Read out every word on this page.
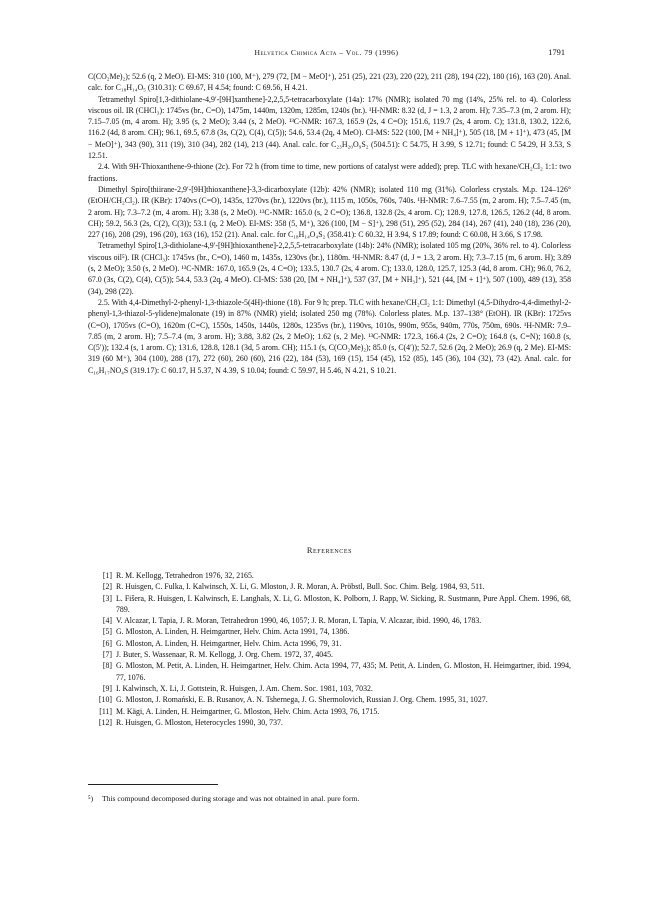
Helvetica Chimica Acta – Vol. 79 (1996)	1791

C(CO₂Me)₂); 52.6 (q, 2 MeO). EI-MS: 310 (100, M⁺), 279 (72, [M − MeO]⁺), 251 (25), 221 (23), 220 (22), 211 (28), 194 (22), 180 (16), 163 (20). Anal. calc. for C₁₈H₁₄O₅ (310.31): C 69.67, H 4.54; found: C 69.56, H 4.21.

Tetramethyl Spiro[1,3-dithiolane-4,9′-[9H]xanthene]-2,2,5,5-tetracarboxylate (14a): 17% (NMR); isolated 70 mg (14%, 25% rel. to 4). Colorless viscous oil. IR (CHCl₃): 1745vs (br., C=O), 1475m, 1440m, 1320m, 1285m, 1240s (br.). ¹H-NMR: 8.32 (d, J = 1.3, 2 arom. H); 7.35–7.3 (m, 2 arom. H); 7.15–7.05 (m, 4 arom. H); 3.95 (s, 2 MeO); 3.44 (s, 2 MeO). ¹³C-NMR: 167.3, 165.9 (2s, 4 C=O); 151.6, 119.7 (2s, 4 arom. C); 131.8, 130.2, 122.6, 116.2 (4d, 8 arom. CH); 96.1, 69.5, 67.8 (3s, C(2), C(4), C(5)); 54.6, 53.4 (2q, 4 MeO). CI-MS: 522 (100, [M + NH₄]⁺), 505 (18, [M + 1]⁺), 473 (45, [M − MeO]⁺), 343 (90), 311 (19), 310 (34), 282 (14), 213 (44). Anal. calc. for C₂₃H₂₀O₉S₂ (504.51): C 54.75, H 3.99, S 12.71; found: C 54.29, H 3.53, S 12.51.

2.4. With 9H-Thioxanthene-9-thione (2c). For 72 h (from time to time, new portions of catalyst were added); prep. TLC with hexane/CH₂Cl₂ 1:1: two fractions.

Dimethyl Spiro[thiirane-2,9′-[9H]thioxanthene]-3,3-dicarboxylate (12b): 42% (NMR); isolated 110 mg (31%). Colorless crystals. M.p. 124–126° (EtOH/CH₂Cl₂). IR (KBr): 1740vs (C=O), 1435s, 1270vs (br.), 1220vs (br.), 1115 m, 1050s, 760s, 740s. ¹H-NMR: 7.6–7.55 (m, 2 arom. H); 7.5–7.45 (m, 2 arom. H); 7.3–7.2 (m, 4 arom. H); 3.38 (s, 2 MeO). ¹³C-NMR: 165.0 (s, 2 C=O); 136.8, 132.8 (2s, 4 arom. C); 128.9, 127.8, 126.5, 126.2 (4d, 8 arom. CH); 59.2, 56.3 (2s, C(2), C(3)); 53.1 (q, 2 MeO). EI-MS: 358 (5, M⁺), 326 (100, [M − S]⁺), 298 (51), 295 (52), 284 (14), 267 (41), 240 (18), 236 (20), 227 (16), 208 (29), 196 (20), 163 (16), 152 (21). Anal. calc. for C₁₈H₁₄O₄S₂ (358.41): C 60.32, H 3.94, S 17.89; found: C 60.08, H 3.66, S 17.98.

Tetramethyl Spiro[1,3-dithiolane-4,9′-[9H]thioxanthene]-2,2,5,5-tetracarboxylate (14b): 24% (NMR); isolated 105 mg (20%, 36% rel. to 4). Colorless viscous oil⁵). IR (CHCl₃): 1745vs (br., C=O), 1460 m, 1435s, 1230vs (br.), 1180m. ¹H-NMR: 8.47 (d, J = 1.3, 2 arom. H); 7.3–7.15 (m, 6 arom. H); 3.89 (s, 2 MeO); 3.50 (s, 2 MeO). ¹³C-NMR: 167.0, 165.9 (2s, 4 C=O); 133.5, 130.7 (2s, 4 arom. C); 133.0, 128.0, 125.7, 125.3 (4d, 8 arom. CH); 96.0, 76.2, 67.0 (3s, C(2), C(4), C(5)); 54.4, 53.3 (2q, 4 MeO). CI-MS: 538 (20, [M + NH₄]⁺), 537 (37, [M + NH₃]⁺), 521 (44, [M + 1]⁺), 507 (100), 489 (13), 358 (34), 298 (22).

2.5. With 4,4-Dimethyl-2-phenyl-1,3-thiazole-5(4H)-thione (18). For 9 h; prep. TLC with hexane/CH₂Cl₂ 1:1: Dimethyl (4,5-Dihydro-4,4-dimethyl-2-phenyl-1,3-thiazol-5-ylidene)malonate (19) in 87% (NMR) yield; isolated 250 mg (78%). Colorless plates. M.p. 137–138° (EtOH). IR (KBr): 1725vs (C=O), 1705vs (C=O), 1620m (C=C), 1550s, 1450s, 1440s, 1280s, 1235vs (br.), 1190vs, 1010s, 990m, 955s, 940m, 770s, 750m, 690s. ¹H-NMR: 7.9–7.85 (m, 2 arom. H); 7.5–7.4 (m, 3 arom. H); 3.88, 3.82 (2s, 2 MeO); 1.62 (s, 2 Me). ¹³C-NMR: 172.3, 166.4 (2s, 2 C=O); 164.8 (s, C=N); 160.8 (s, C(5′)); 132.4 (s, 1 arom. C); 131.6, 128.8, 128.1 (3d, 5 arom. CH); 115.1 (s, C(CO₂Me)₂); 85.0 (s, C(4′)); 52.7, 52.6 (2q, 2 MeO); 26.9 (q, 2 Me). EI-MS: 319 (60 M⁺), 304 (100), 288 (17), 272 (60), 260 (60), 216 (22), 184 (53), 169 (15), 154 (45), 152 (85), 145 (36), 104 (32), 73 (42). Anal. calc. for C₁₆H₁₇NO₄S (319.17): C 60.17, H 5.37, N 4.39, S 10.04; found: C 59.97, H 5.46, N 4.21, S 10.21.

References
[1] R. M. Kellogg, Tetrahedron 1976, 32, 2165.
[2] R. Huisgen, C. Fulka, I. Kalwinsch, X. Li, G. Mloston, J. R. Moran, A. Pröbstl, Bull. Soc. Chim. Belg. 1984, 93, 511.
[3] L. Fišera, R. Huisgen, I. Kalwinsch, E. Langhals, X. Li, G. Mloston, K. Polborn, J. Rapp, W. Sicking, R. Sustmann, Pure Appl. Chem. 1996, 68, 789.
[4] V. Alcazar, I. Tapia, J. R. Moran, Tetrahedron 1990, 46, 1057; J. R. Moran, I. Tapia, V. Alcazar, ibid. 1990, 46, 1783.
[5] G. Mloston, A. Linden, H. Heimgartner, Helv. Chim. Acta 1991, 74, 1386.
[6] G. Mloston, A. Linden, H. Heimgartner, Helv. Chim. Acta 1996, 79, 31.
[7] J. Buter, S. Wassenaar, R. M. Kellogg, J. Org. Chem. 1972, 37, 4045.
[8] G. Mloston, M. Petit, A. Linden, H. Heimgartner, Helv. Chim. Acta 1994, 77, 435; M. Petit, A. Linden, G. Mloston, H. Heimgartner, ibid. 1994, 77, 1076.
[9] I. Kalwinsch, X. Li, J. Gottstein, R. Huisgen, J. Am. Chem. Soc. 1981, 103, 7032.
[10] G. Mloston, J. Romański, E. B. Rusanov, A. N. Tshernega, J. G. Shermolovich, Russian J. Org. Chem. 1995, 31, 1027.
[11] M. Kägi, A. Linden, H. Heimgartner, G. Mloston, Helv. Chim. Acta 1993, 76, 1715.
[12] R. Huisgen, G. Mloston, Heterocycles 1990, 30, 737.
⁵) This compound decomposed during storage and was not obtained in anal. pure form.
